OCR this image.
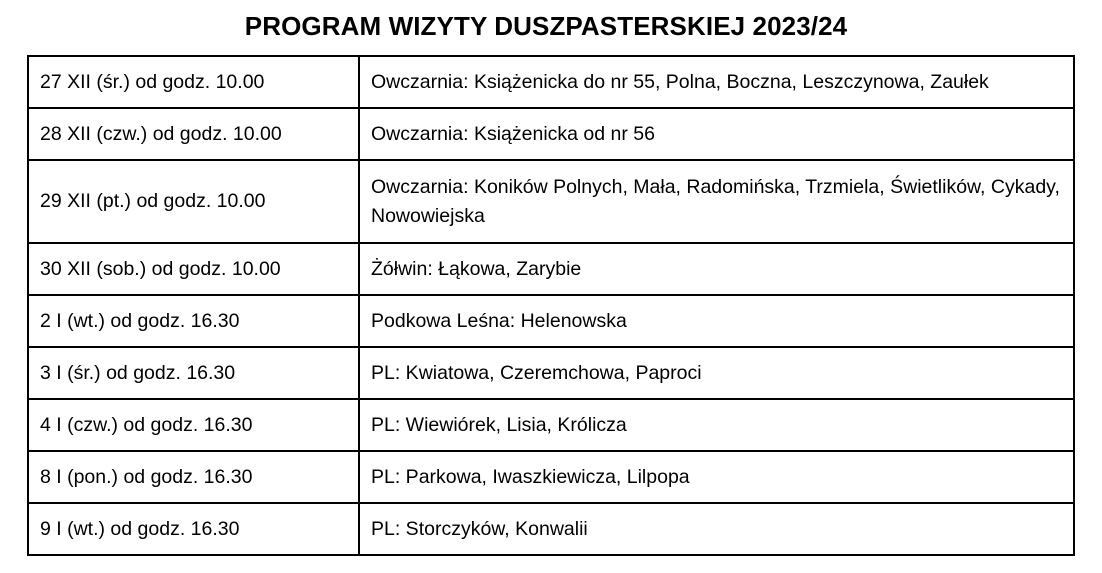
PROGRAM WIZYTY DUSZPASTERSKIEJ 2023/24
27 XII (śr.) od godz. 10.00	Owczarnia: Książenicka do nr 55, Polna, Boczna, Leszczynowa, Zaułek
28 XII (czw.) od godz. 10.00	Owczarnia: Książenicka od nr 56
29 XII (pt.) od godz. 10.00	Owczarnia: Koników Polnych, Mała, Radomińska, Trzmiela, Świetlików, Cykady, Nowowiejska
30 XII (sob.) od godz. 10.00	Żółwin: Łąkowa, Zarybie
2 I (wt.) od godz. 16.30	Podkowa Leśna: Helenowska
3 I (śr.) od godz. 16.30	PL: Kwiatowa, Czeremchowa, Paproci
4 I (czw.) od godz. 16.30	PL: Wiewiórek, Lisia, Królicza
8 I (pon.) od godz. 16.30	PL: Parkowa, Iwaszkiewicza, Lilpopa
9 I (wt.) od godz. 16.30	PL: Storczyków, Konwalii
